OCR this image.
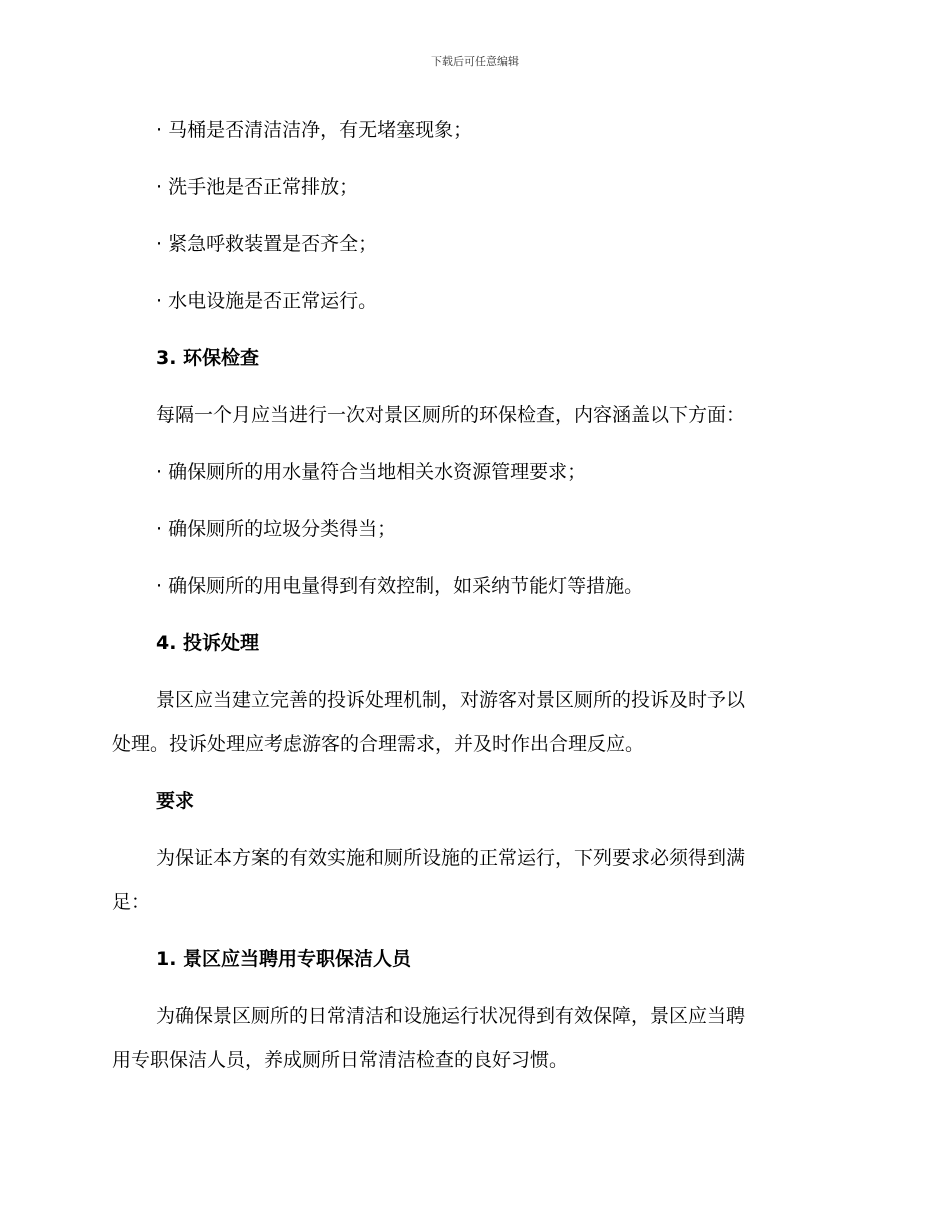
下载后可任意编辑
· 马桶是否清洁洁净，有无堵塞现象；
· 洗手池是否正常排放；
· 紧急呼救装置是否齐全；
· 水电设施是否正常运行。
3. 环保检查
每隔一个月应当进行一次对景区厕所的环保检查，内容涵盖以下方面：
· 确保厕所的用水量符合当地相关水资源管理要求；
· 确保厕所的垃圾分类得当；
· 确保厕所的用电量得到有效控制，如采纳节能灯等措施。
4. 投诉处理
景区应当建立完善的投诉处理机制，对游客对景区厕所的投诉及时予以
处理。投诉处理应考虑游客的合理需求，并及时作出合理反应。
要求
为保证本方案的有效实施和厕所设施的正常运行，下列要求必须得到满
足：
1. 景区应当聘用专职保洁人员
为确保景区厕所的日常清洁和设施运行状况得到有效保障，景区应当聘
用专职保洁人员，养成厕所日常清洁检查的良好习惯。
